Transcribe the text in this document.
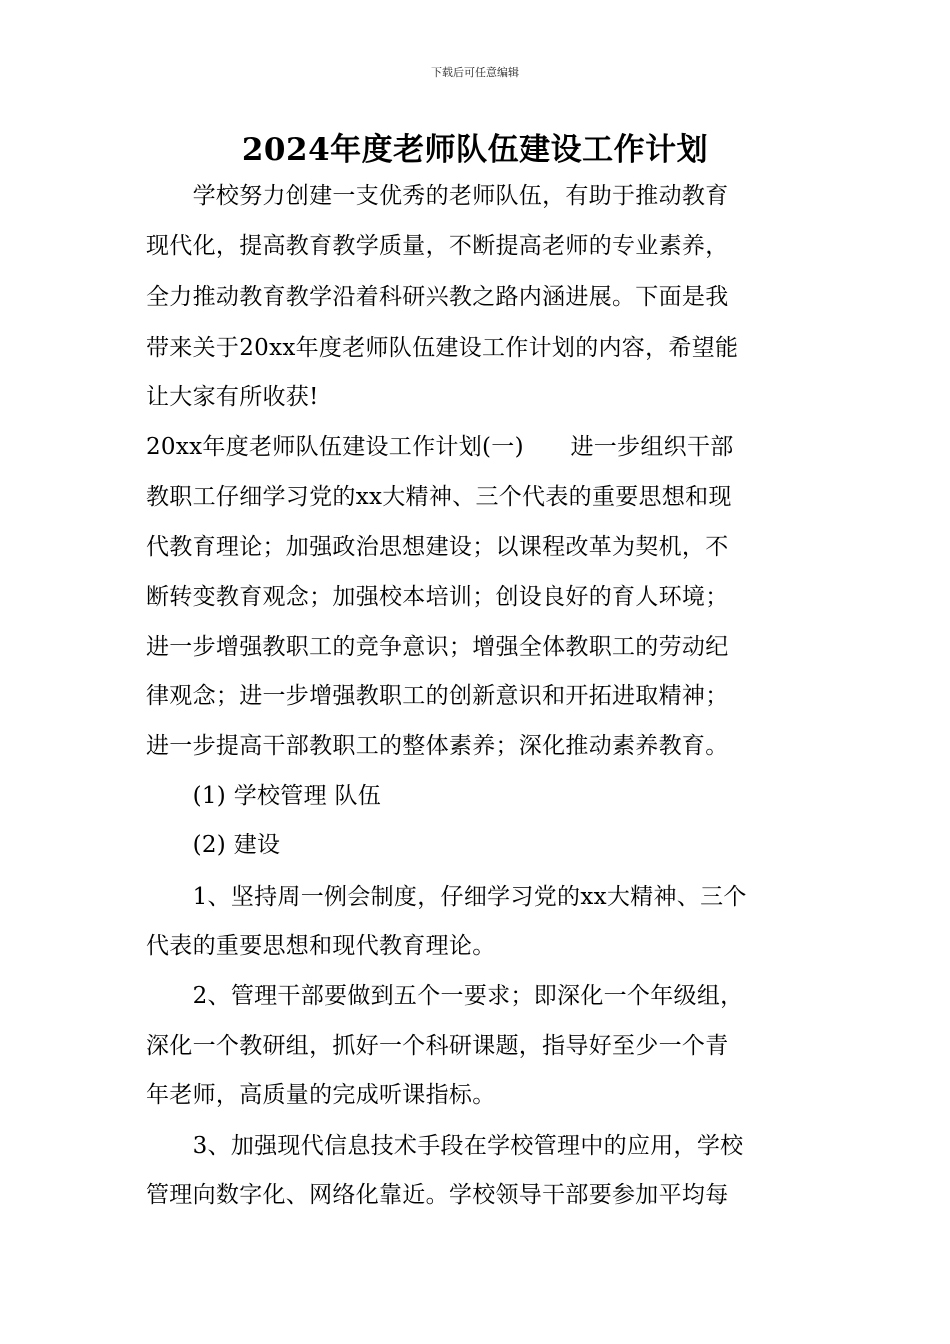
下载后可任意编辑
2024年度老师队伍建设工作计划
　　学校努力创建一支优秀的老师队伍，有助于推动教育
现代化，提高教育教学质量，不断提高老师的专业素养，
全力推动教育教学沿着科研兴教之路内涵进展。下面是我
带来关于20xx年度老师队伍建设工作计划的内容，希望能
让大家有所收获!
20xx年度老师队伍建设工作计划(一)　　进一步组织干部
教职工仔细学习党的xx大精神、三个代表的重要思想和现
代教育理论；加强政治思想建设；以课程改革为契机，不
断转变教育观念；加强校本培训；创设良好的育人环境；
进一步增强教职工的竞争意识；增强全体教职工的劳动纪
律观念；进一步增强教职工的创新意识和开拓进取精神；
进一步提高干部教职工的整体素养；深化推动素养教育。
　　(1) 学校管理 队伍
　　(2) 建设
　　1、坚持周一例会制度，仔细学习党的xx大精神、三个
代表的重要思想和现代教育理论。
　　2、管理干部要做到五个一要求；即深化一个年级组，
深化一个教研组，抓好一个科研课题，指导好至少一个青
年老师，高质量的完成听课指标。
　　3、加强现代信息技术手段在学校管理中的应用，学校
管理向数字化、网络化靠近。学校领导干部要参加平均每
